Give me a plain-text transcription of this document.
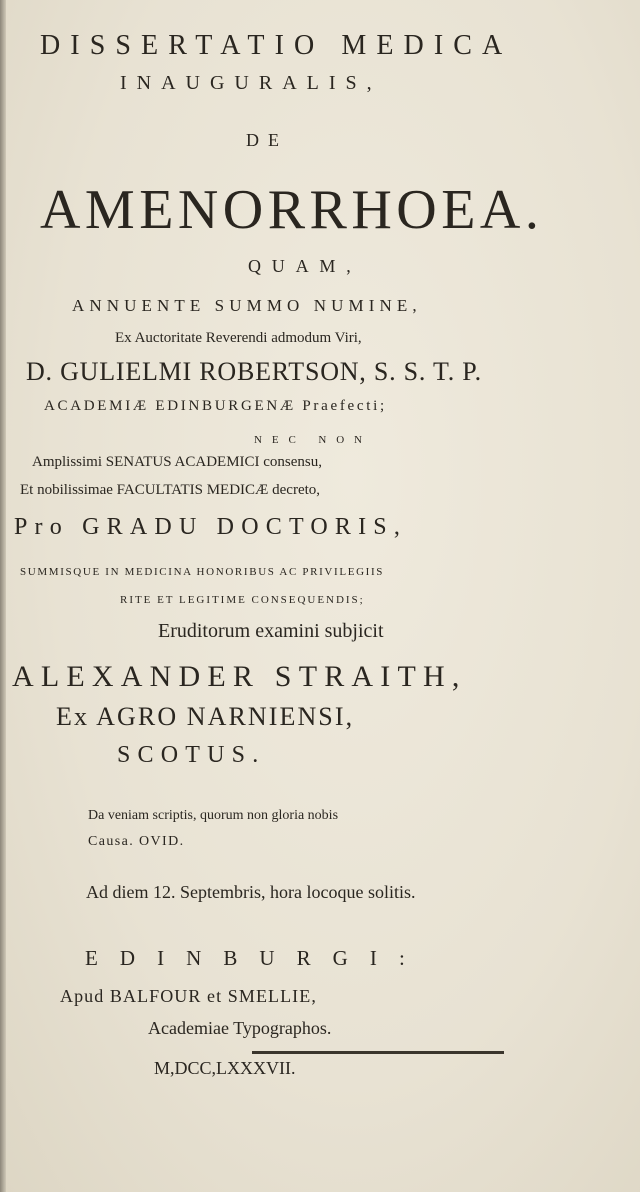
DISSERTATIO MEDICA
INAUGURALIS,
DE
AMENORRHOEA.
QUAM,
ANNUENTE SUMMO NUMINE,
Ex Auctoritate Reverendi admodum Viri,
D. GULIELMI ROBERTSON, S. S. T. P.
ACADEMIÆ EDINBURGENÆ Praefecti;
NEC NON
Amplissimi SENATUS ACADEMICI consensu,
Et nobilissimae FACULTATIS MEDICÆ decreto,
Pro GRADU DOCTORIS,
SUMMISQUE IN MEDICINA HONORIBUS AC PRIVILEGIIS
RITE ET LEGITIME CONSEQUENDIS;
Eruditorum examini subjicit
ALEXANDER STRAITH,
Ex AGRO NARNIENSI,
SCOTUS.
Da veniam scriptis, quorum non gloria nobis
Causa. OVID.
Ad diem 12. Septembris, hora locoque solitis.
EDINBURGI:
Apud BALFOUR et SMELLIE,
Academiae Typographos.
M,DCC,LXXXVII.
